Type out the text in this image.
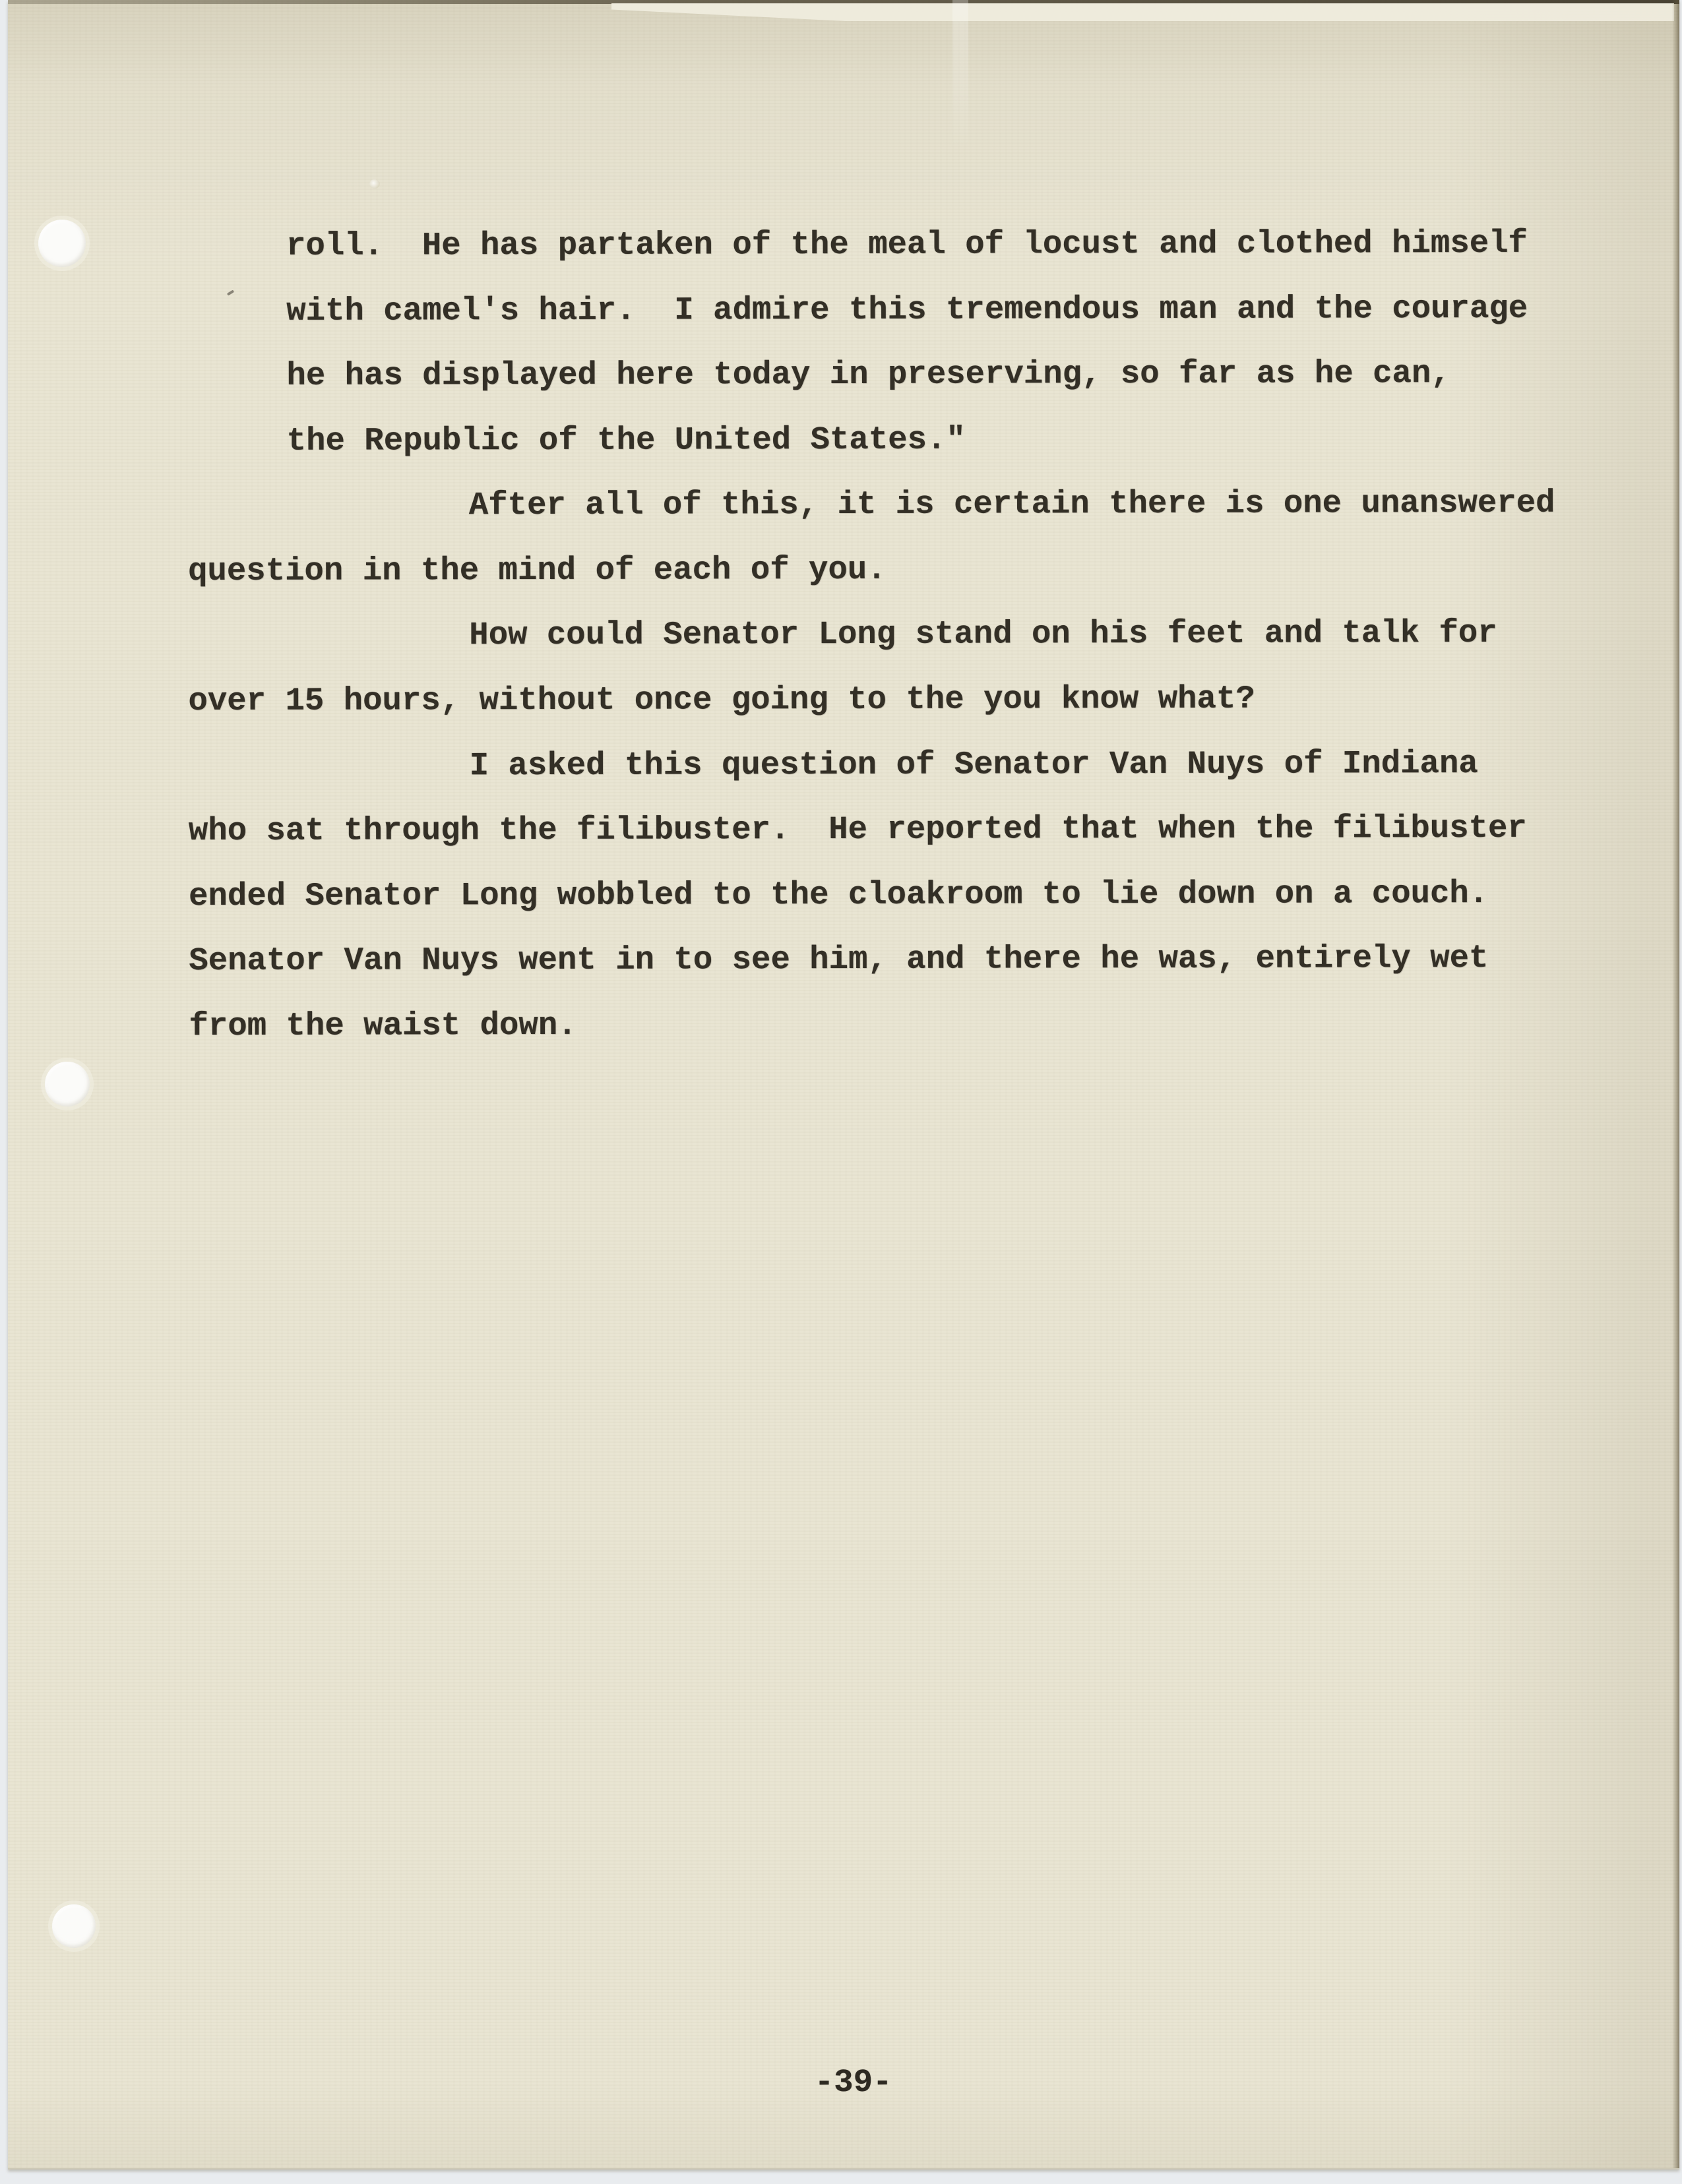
roll.  He has partaken of the meal of locust and clothed himself
with camel's hair.  I admire this tremendous man and the courage
he has displayed here today in preserving, so far as he can,
the Republic of the United States."
After all of this, it is certain there is one unanswered
question in the mind of each of you.
How could Senator Long stand on his feet and talk for
over 15 hours, without once going to the you know what?
I asked this question of Senator Van Nuys of Indiana
who sat through the filibuster.  He reported that when the filibuster
ended Senator Long wobbled to the cloakroom to lie down on a couch.
Senator Van Nuys went in to see him, and there he was, entirely wet
from the waist down.
-39-
